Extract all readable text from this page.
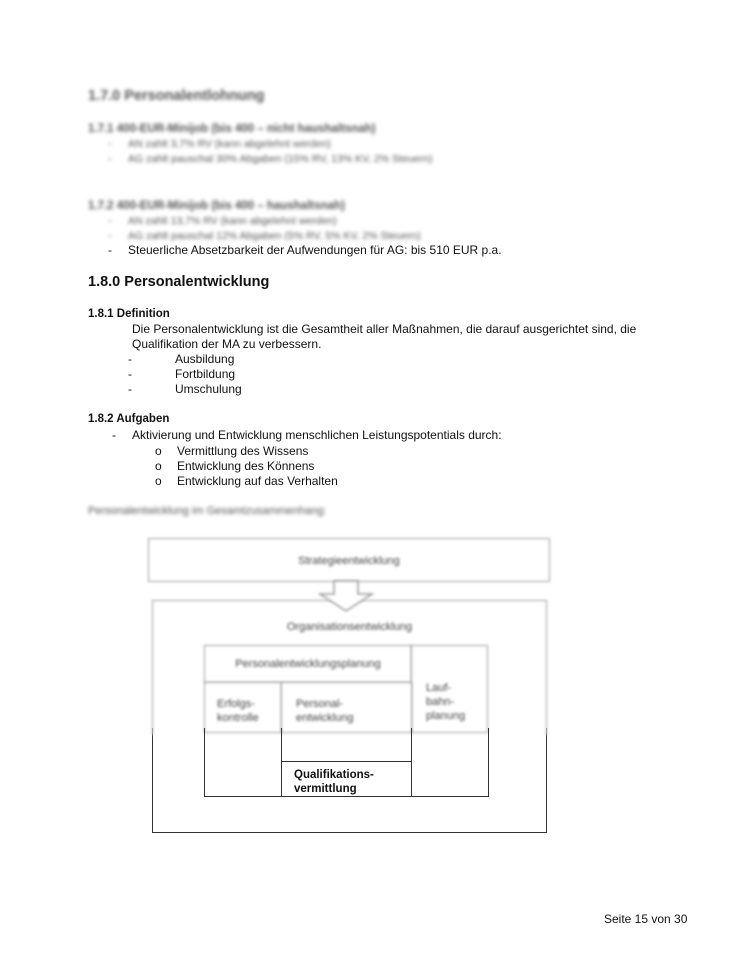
1.7.0 Personalentlohnung
1.7.1 400-EUR-Minijob (bis 400 – nicht haushaltsnah)
- AN zahlt 3,7% RV (kann abgelehnt werden)
- AG zahlt pauschal 30% Abgaben (15% RV, 13% KV, 2% Steuern)
1.7.2 400-EUR-Minijob (bis 400 – haushaltsnah)
- AN zahlt 13,7% RV (kann abgelehnt werden)
- AG zahlt pauschal 12% Abgaben (5% RV, 5% KV, 2% Steuern)
- Steuerliche Absetzbarkeit der Aufwendungen für AG: bis 510 EUR p.a.
1.8.0 Personalentwicklung
1.8.1 Definition
Die Personalentwicklung ist die Gesamtheit aller Maßnahmen, die darauf ausgerichtet sind, die
Qualifikation der MA zu verbessern.
-	Ausbildung
-	Fortbildung
-	Umschulung
1.8.2 Aufgaben
- Aktivierung und Entwicklung menschlichen Leistungspotentials durch:
o Vermittlung des Wissens
o Entwicklung des Könnens
o Entwicklung auf das Verhalten
Personalentwicklung im Gesamtzusammenhang:
Organisationsentwicklung
Strategieentwicklung
Personalentwicklungsplanung
Lauf-
bahn-
planung
Erfolgs-
kontrolle
Personal-
entwicklung
Qualifikations-
vermittlung
Seite 15 von 30
